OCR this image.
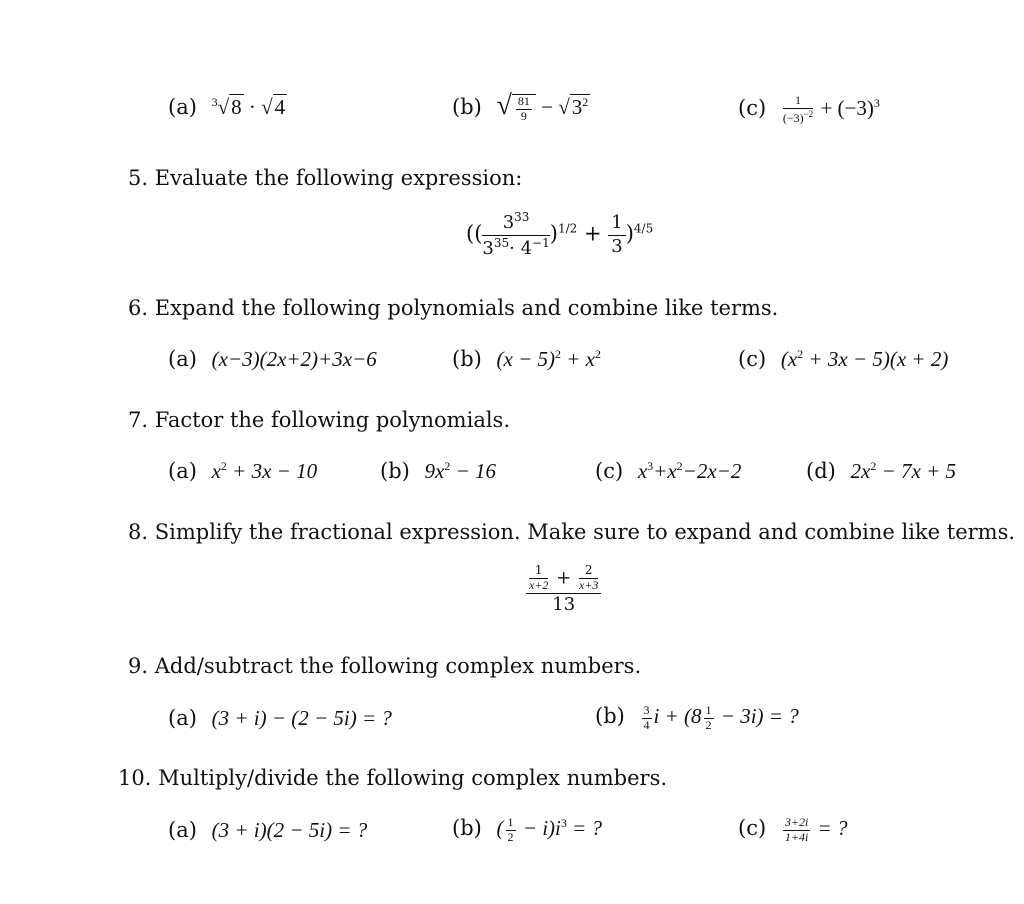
(a) $^3$√8 · √4	(b) √ $\frac{81}{9} - √3^2$	$(c) \frac{1}{(-3)^{-2}} + (-3)^3$
5. Evaluate the following expression:
(( $\frac{3^{33}}{3^{35}\cdot 4^{-1}} )^{1/2} + \frac{1}{3} )^{4/5}$
6. Expand the following polynomials and combine like terms.
(a) (x−3)(2x+2)+3x−6	(b) $(x - 5)^2 + x^2$	(c) $(x^2 + 3x - 5)(x + 2)$
7. Factor the following polynomials.
(a) $x^2 + 3x - 10$	(b) $9x^2 - 16$	(c) $x^3+x^2-2x-2$	(d) $2x^2 - 7x + 5$
8. Simplify the fractional expression. Make sure to expand and combine like terms.
$\frac{\frac{1}{x+2} + \frac{2}{x+3}}{13}$
9. Add/subtract the following complex numbers.
(a) (3 + i) − (2 − 5i) = ?	$(b) \frac{3}{4}$ $i + (8 \frac{1}{2} - 3i)$ = ?
10. Multiply/divide the following complex numbers.
(a) (3 + i)(2 − 5i) = ?	(b) ( $\frac{1}{2} - i)i^3$ = ?	$(c) \frac{3+2i}{1+4i}$ = ?
